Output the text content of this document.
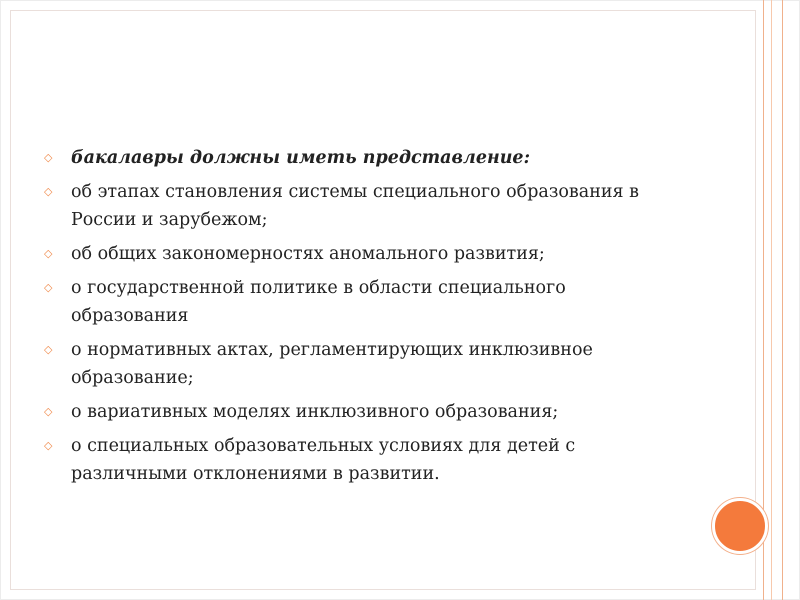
◇	бакалавры должны иметь представление:
◇	об этапах становления системы специального образования в России и зарубежом;
◇	об общих закономерностях аномального развития;
◇	о государственной политике в области специального образования
◇	о нормативных актах, регламентирующих инклюзивное образование;
◇	о вариативных моделях инклюзивного образования;
◇	о специальных образовательных условиях для детей с различными отклонениями в развитии.
